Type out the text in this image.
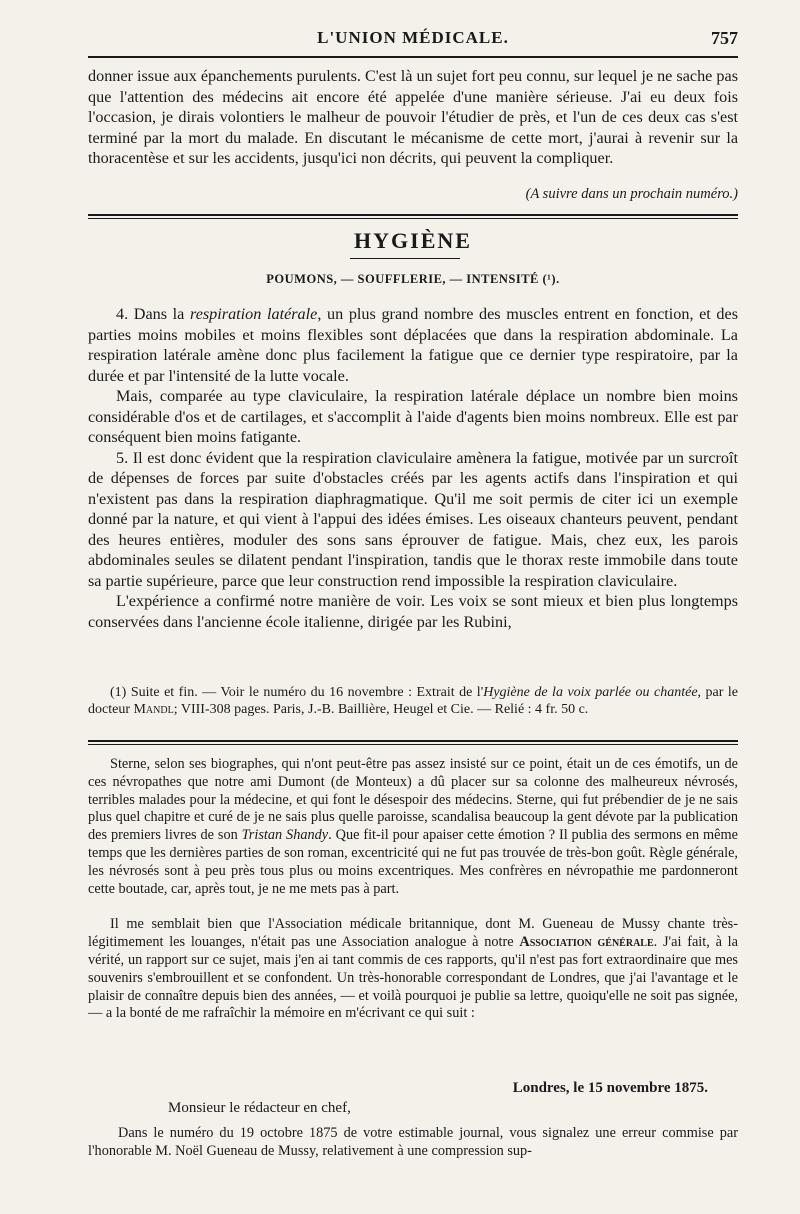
L'UNION MÉDICALE.	757

donner issue aux épanchements purulents. C'est là un sujet fort peu connu, sur lequel je ne sache pas que l'attention des médecins ait encore été appelée d'une manière sérieuse. J'ai eu deux fois l'occasion, je dirais volontiers le malheur de pouvoir l'étudier de près, et l'un de ces deux cas s'est terminé par la mort du malade. En discutant le mécanisme de cette mort, j'aurai à revenir sur la thoracentèse et sur les accidents, jusqu'ici non décrits, qui peuvent la compliquer.

(A suivre dans un prochain numéro.)
HYGIÈNE
POUMONS, — SOUFFLERIE, — INTENSITÉ (¹).

4. Dans la respiration latérale, un plus grand nombre des muscles entrent en fonction, et des parties moins mobiles et moins flexibles sont déplacées que dans la respiration abdominale. La respiration latérale amène donc plus facilement la fatigue que ce dernier type respiratoire, par la durée et par l'intensité de la lutte vocale.

Mais, comparée au type claviculaire, la respiration latérale déplace un nombre bien moins considérable d'os et de cartilages, et s'accomplit à l'aide d'agents bien moins nombreux. Elle est par conséquent bien moins fatigante.

5. Il est donc évident que la respiration claviculaire amènera la fatigue, motivée par un surcroît de dépenses de forces par suite d'obstacles créés par les agents actifs dans l'inspiration et qui n'existent pas dans la respiration diaphragmatique. Qu'il me soit permis de citer ici un exemple donné par la nature, et qui vient à l'appui des idées émises. Les oiseaux chanteurs peuvent, pendant des heures entières, moduler des sons sans éprouver de fatigue. Mais, chez eux, les parois abdominales seules se dilatent pendant l'inspiration, tandis que le thorax reste immobile dans toute sa partie supérieure, parce que leur construction rend impossible la respiration claviculaire.

L'expérience a confirmé notre manière de voir. Les voix se sont mieux et bien plus longtemps conservées dans l'ancienne école italienne, dirigée par les Rubini,

(1) Suite et fin. — Voir le numéro du 16 novembre : Extrait de l'Hygiène de la voix parlée ou chantée, par le docteur Mandl; VIII-308 pages. Paris, J.-B. Baillière, Heugel et Cie. — Relié : 4 fr. 50 c.

Sterne, selon ses biographes, qui n'ont peut-être pas assez insisté sur ce point, était un de ces émotifs, un de ces névropathes que notre ami Dumont (de Monteux) a dû placer sur sa colonne des malheureux névrosés, terribles malades pour la médecine, et qui font le désespoir des médecins. Sterne, qui fut prébendier de je ne sais plus quel chapitre et curé de je ne sais plus quelle paroisse, scandalisa beaucoup la gent dévote par la publication des premiers livres de son Tristan Shandy. Que fit-il pour apaiser cette émotion ? Il publia des sermons en même temps que les dernières parties de son roman, excentricité qui ne fut pas trouvée de très-bon goût. Règle générale, les névrosés sont à peu près tous plus ou moins excentriques. Mes confrères en névropathie me pardonneront cette boutade, car, après tout, je ne me mets pas à part.

Il me semblait bien que l'Association médicale britannique, dont M. Gueneau de Mussy chante très-légitimement les louanges, n'était pas une Association analogue à notre Association générale. J'ai fait, à la vérité, un rapport sur ce sujet, mais j'en ai tant commis de ces rapports, qu'il n'est pas fort extraordinaire que mes souvenirs s'embrouillent et se confondent. Un très-honorable correspondant de Londres, que j'ai l'avantage et le plaisir de connaître depuis bien des années, — et voilà pourquoi je publie sa lettre, quoiqu'elle ne soit pas signée, — a la bonté de me rafraîchir la mémoire en m'écrivant ce qui suit :

Londres, le 15 novembre 1875.
Monsieur le rédacteur en chef,

Dans le numéro du 19 octobre 1875 de votre estimable journal, vous signalez une erreur commise par l'honorable M. Noël Gueneau de Mussy, relativement à une compression sup-
